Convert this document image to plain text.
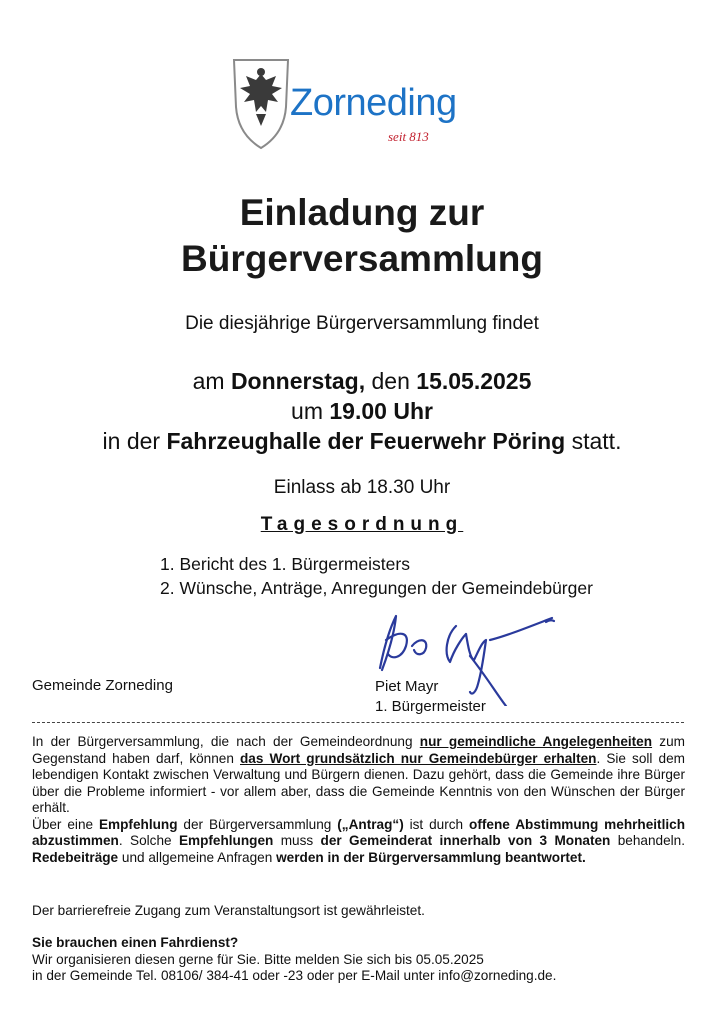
Zorneding
seit 813
Einladung zur
Bürgerversammlung
Die diesjährige Bürgerversammlung findet
am Donnerstag, den 15.05.2025
um 19.00 Uhr
in der Fahrzeughalle der Feuerwehr Pöring statt.
Einlass ab 18.30 Uhr
Tagesordnung
1. Bericht des 1. Bürgermeisters
2. Wünsche, Anträge, Anregungen der Gemeindebürger
Gemeinde Zorneding	Piet Mayr
1. Bürgermeister

In der Bürgerversammlung, die nach der Gemeindeordnung nur gemeindliche Angelegenheiten zum Gegenstand haben darf, können das Wort grundsätzlich nur Gemeindebürger erhalten. Sie soll dem lebendigen Kontakt zwischen Verwaltung und Bürgern dienen. Dazu gehört, dass die Gemeinde ihre Bürger über die Probleme informiert - vor allem aber, dass die Gemeinde Kenntnis von den Wünschen der Bürger erhält.

Über eine Empfehlung der Bürgerversammlung („Antrag“) ist durch offene Abstimmung mehrheitlich abzustimmen. Solche Empfehlungen muss der Gemeinderat innerhalb von 3 Monaten behandeln. Redebeiträge und allgemeine Anfragen werden in der Bürgerversammlung beantwortet.

Der barrierefreie Zugang zum Veranstaltungsort ist gewährleistet.
Sie brauchen einen Fahrdienst?
Wir organisieren diesen gerne für Sie. Bitte melden Sie sich bis 05.05.2025
in der Gemeinde Tel. 08106/ 384-41 oder -23 oder per E-Mail unter info@zorneding.de.
